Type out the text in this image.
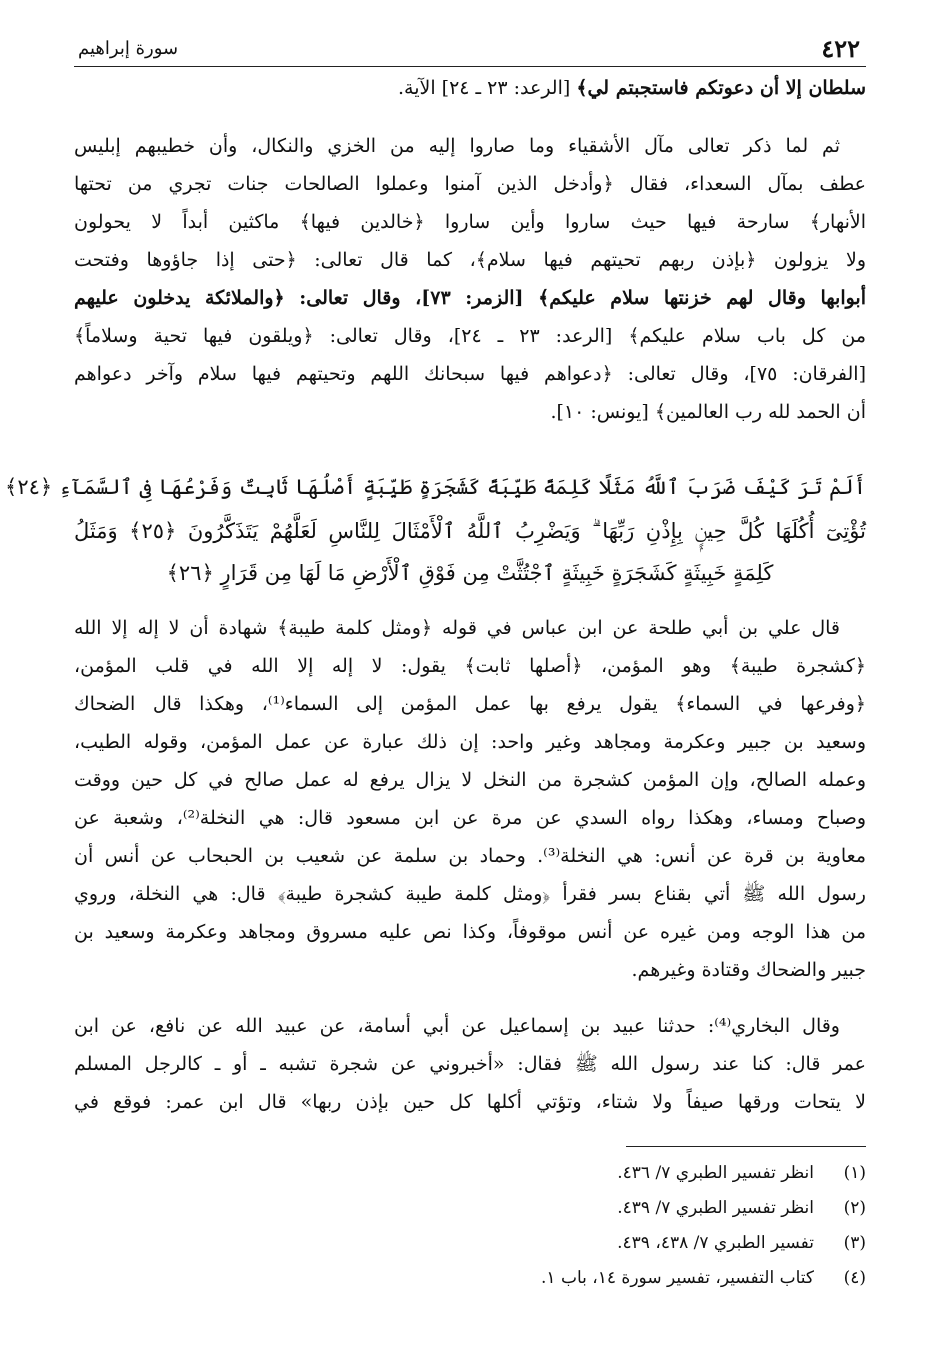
٤٢٢
سورة إبراهيم
سلطان إلا أن دعوتكم فاستجبتم لي﴾ [الرعد: ٢٣ ـ ٢٤] الآية.
ثم لما ذكر تعالى مآل الأشقياء وما صاروا إليه من الخزي والنكال، وأن خطيبهم إبليس
عطف بمآل السعداء، فقال ﴿وأدخل الذين آمنوا وعملوا الصالحات جنات تجري من تحتها
الأنهار﴾ سارحة فيها حيث ساروا وأين ساروا ﴿خالدين فيها﴾ ماكثين أبداً لا يحولون
ولا يزولون ﴿بإذن ربهم تحيتهم فيها سلام﴾، كما قال تعالى: ﴿حتى إذا جاؤوها وفتحت
أبوابها وقال لهم خزنتها سلام عليكم﴾ [الزمر: ٧٣]، وقال تعالى: ﴿والملائكة يدخلون عليهم
من كل باب سلام عليكم﴾ [الرعد: ٢٣ ـ ٢٤]، وقال تعالى: ﴿ويلقون فيها تحية وسلاماً﴾
[الفرقان: ٧٥]، وقال تعالى: ﴿دعواهم فيها سبحانك اللهم وتحيتهم فيها سلام وآخر دعواهم
أن الحمد لله رب العالمين﴾ [يونس: ١٠].
أَلَمْ تَرَ كَيْفَ ضَرَبَ ٱللَّهُ مَثَلًا كَلِمَةً طَيِّبَةً كَشَجَرَةٍ طَيِّبَةٍ أَصْلُهَا ثَابِتٌ وَفَرْعُهَا فِى ٱلسَّمَآءِ ﴿٢٤﴾
تُؤْتِىٓ أُكُلَهَا كُلَّ حِينٍۭ بِإِذْنِ رَبِّهَا ۗ وَيَضْرِبُ ٱللَّهُ ٱلْأَمْثَالَ لِلنَّاسِ لَعَلَّهُمْ يَتَذَكَّرُونَ ﴿٢٥﴾ وَمَثَلُ
كَلِمَةٍ خَبِيثَةٍ كَشَجَرَةٍ خَبِيثَةٍ ٱجْتُثَّتْ مِن فَوْقِ ٱلْأَرْضِ مَا لَهَا مِن قَرَارٍ ﴿٢٦﴾
قال علي بن أبي طلحة عن ابن عباس في قوله ﴿ومثل كلمة طيبة﴾ شهادة أن لا إله إلا الله
﴿كشجرة طيبة﴾ وهو المؤمن، ﴿أصلها ثابت﴾ يقول: لا إله إلا الله في قلب المؤمن،
﴿وفرعها في السماء﴾ يقول يرفع بها عمل المؤمن إلى السماء⁽¹⁾، وهكذا قال الضحاك
وسعيد بن جبير وعكرمة ومجاهد وغير واحد: إن ذلك عبارة عن عمل المؤمن، وقوله الطيب،
وعمله الصالح، وإن المؤمن كشجرة من النخل لا يزال يرفع له عمل صالح في كل حين ووقت
وصباح ومساء، وهكذا رواه السدي عن مرة عن ابن مسعود قال: هي النخلة⁽²⁾، وشعبة عن
معاوية بن قرة عن أنس: هي النخلة⁽³⁾. وحماد بن سلمة عن شعيب بن الحبحاب عن أنس أن
رسول الله ﷺ أتي بقناع بسر فقرأ ﴿ومثل كلمة طيبة كشجرة طيبة﴾ قال: هي النخلة، وروي
من هذا الوجه ومن غيره عن أنس موقوفاً، وكذا نص عليه مسروق ومجاهد وعكرمة وسعيد بن
جبير والضحاك وقتادة وغيرهم.
وقال البخاري⁽⁴⁾: حدثنا عبيد بن إسماعيل عن أبي أسامة، عن عبيد الله عن نافع، عن ابن
عمر قال: كنا عند رسول الله ﷺ فقال: «أخبروني عن شجرة تشبه ـ أو ـ كالرجل المسلم
لا يتحات ورقها صيفاً ولا شتاء، وتؤتي أكلها كل حين بإذن ربها» قال ابن عمر: فوقع في
(١)انظر تفسير الطبري ٧/ ٤٣٦.
(٢)انظر تفسير الطبري ٧/ ٤٣٩.
(٣)تفسير الطبري ٧/ ٤٣٨، ٤٣٩.
(٤)كتاب التفسير، تفسير سورة ١٤، باب ١.
